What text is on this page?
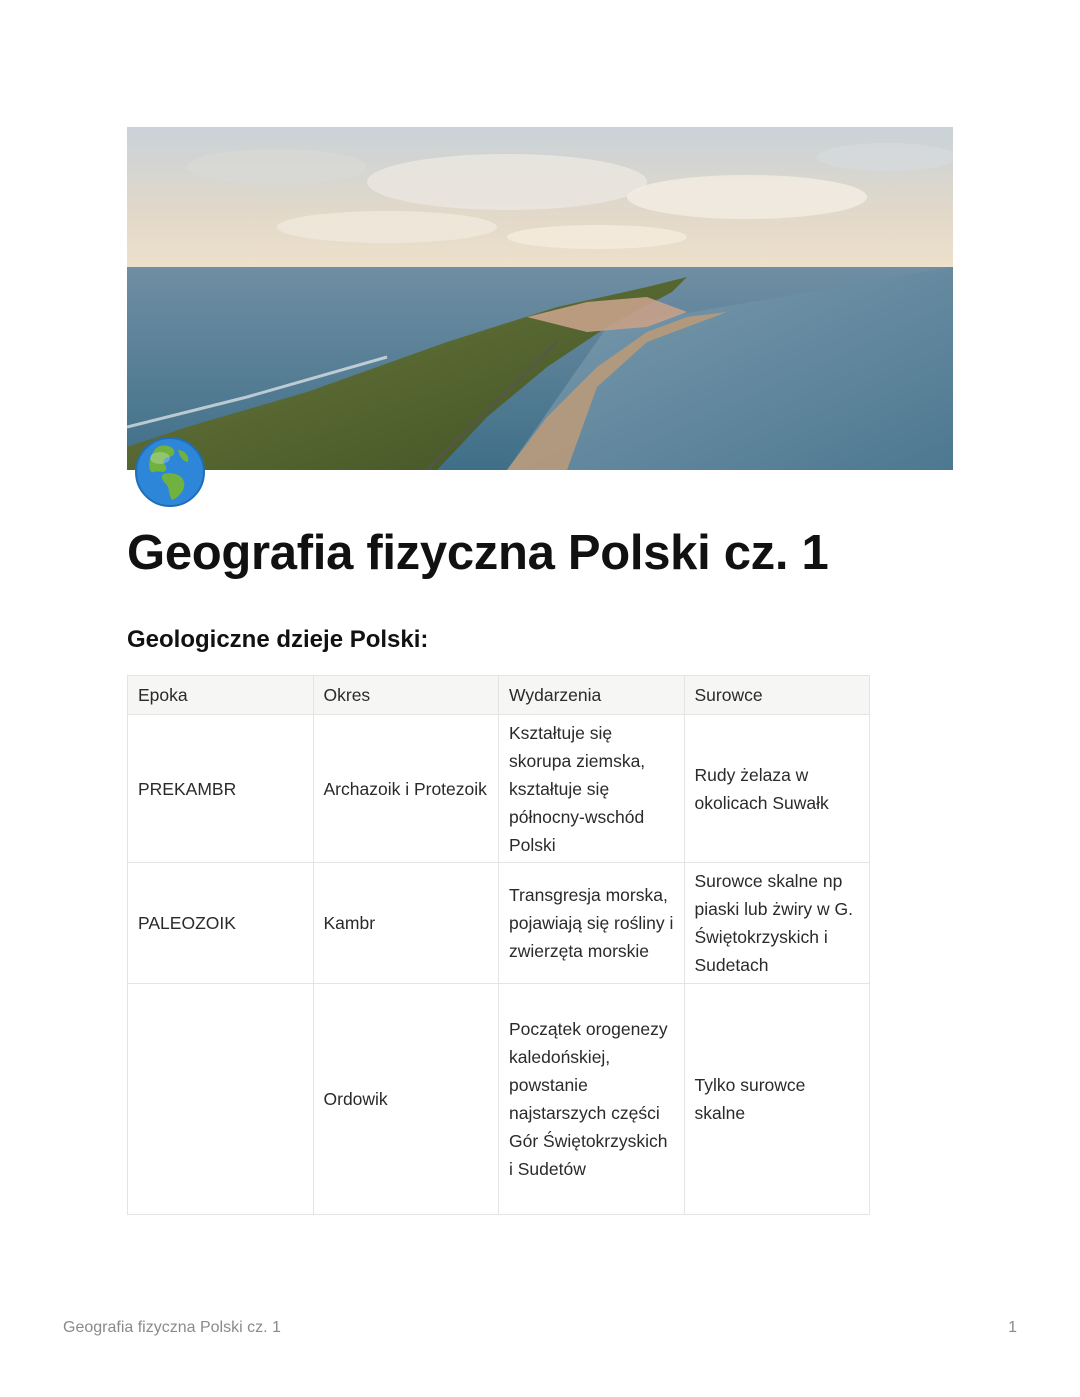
Geografia fizyczna Polski cz. 1
Geologiczne dzieje Polski:
Epoka	Okres	Wydarzenia	Surowce
PREKAMBR	Archazoik i Protezoik	Kształtuje się skorupa ziemska, kształtuje się północny-wschód Polski	Rudy żelaza w okolicach Suwałk
PALEOZOIK	Kambr	Transgresja morska, pojawiają się rośliny i zwierzęta morskie	Surowce skalne np piaski lub żwiry w G. Świętokrzyskich i Sudetach
	Ordowik	Początek orogenezy kaledońskiej, powstanie najstarszych części Gór Świętokrzyskich i Sudetów	Tylko surowce skalne
Geografia fizyczna Polski cz. 1	1
